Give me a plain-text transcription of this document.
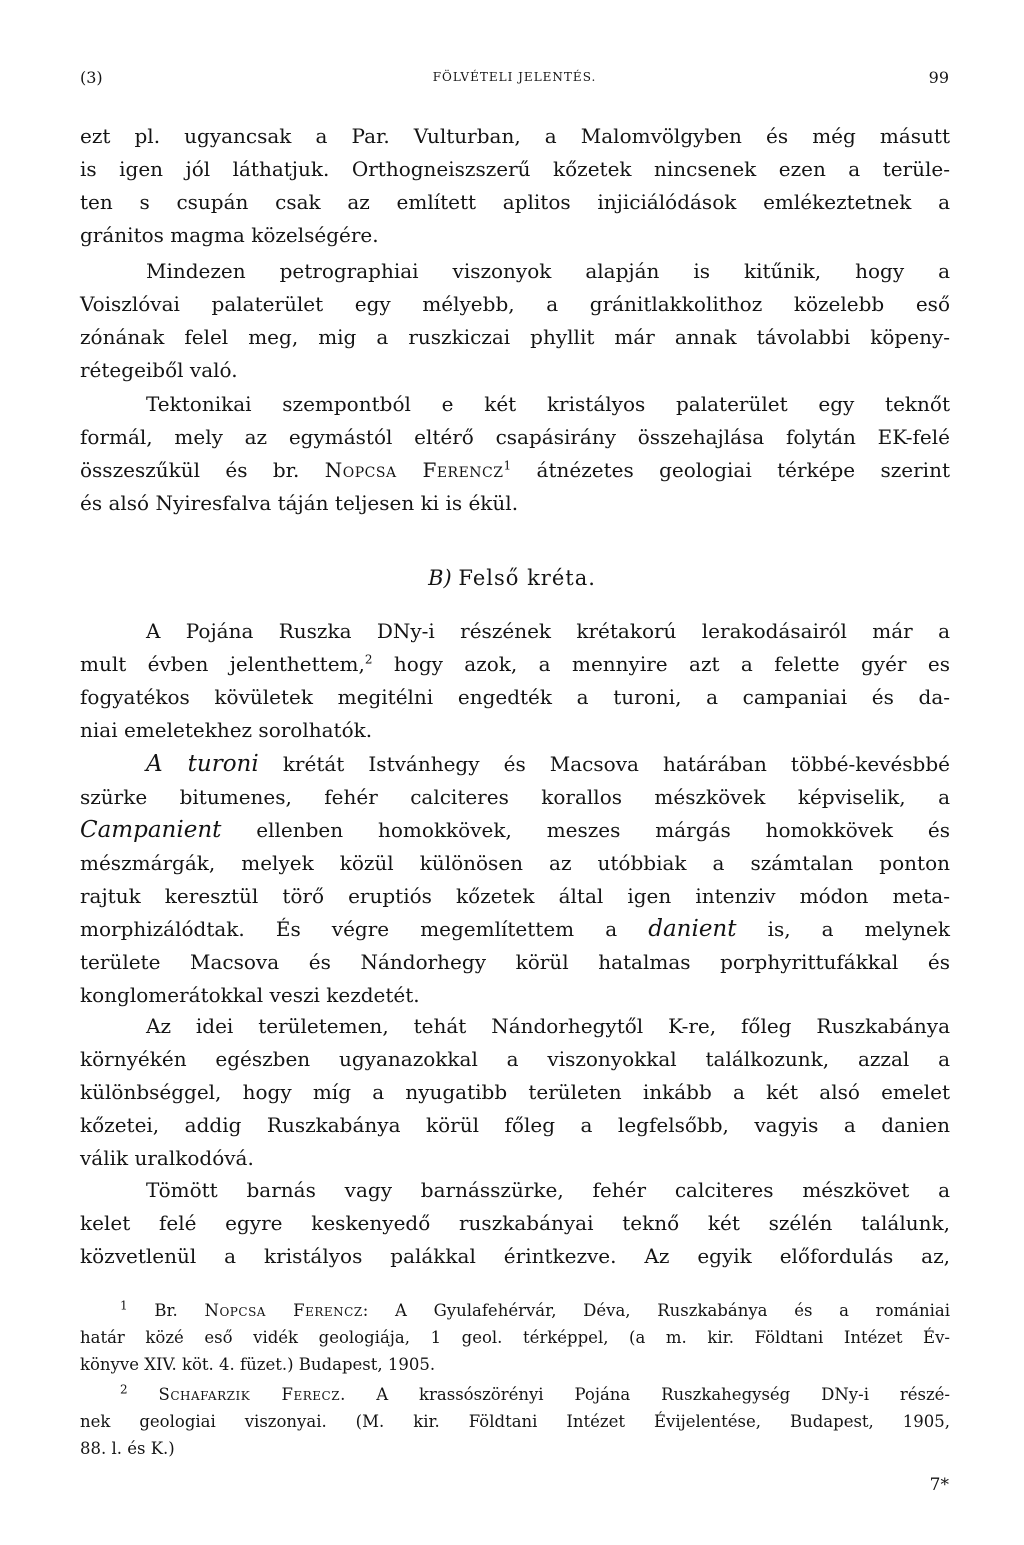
(3)	FÖLVÉTELI JELENTÉS.	99
ezt pl. ugyancsak a Par. Vulturban, a Malomvölgyben és még másutt
is igen jól láthatjuk. Orthogneiszszerű kőzetek nincsenek ezen a terüle-
ten s csupán csak az említett aplitos injiciálódások emlékeztetnek a
gránitos magma közelségére.
Mindezen petrographiai viszonyok alapján is kitűnik, hogy a
Voiszlóvai palaterület egy mélyebb, a gránitlakkolithoz közelebb eső
zónának felel meg, mig a ruszkiczai phyllit már annak távolabbi köpeny-
rétegeiből való.
Tektonikai szempontból e két kristályos palaterület egy teknőt
formál, mely az egymástól eltérő csapásirány összehajlása folytán EK-felé
összeszűkül és br. Nopcsa Ferencz$^1$ átnézetes geologiai térképe szerint
és alsó Nyiresfalva táján teljesen ki is ékül.
B) Felső kréta.
A Pojána Ruszka DNy-i részének krétakorú lerakodásairól már a
mult évben jelenthettem,$^2$ hogy azok, a mennyire azt a felette gyér es
fogyatékos kövületek megitélni engedték a turoni, a campaniai és da-
niai emeletekhez sorolhatók.
A turoni krétát Istvánhegy és Macsova határában többé-kevésbbé
szürke bitumenes, fehér calciteres korallos mészkövek képviselik, a
Campanient ellenben homokkövek, meszes márgás homokkövek és
mészmárgák, melyek közül különösen az utóbbiak a számtalan ponton
rajtuk keresztül törő eruptiós kőzetek által igen intenziv módon meta-
morphizálódtak. És végre megemlítettem a danient is, a melynek
területe Macsova és Nándorhegy körül hatalmas porphyrittufákkal és
konglomerátokkal veszi kezdetét.
Az idei területemen, tehát Nándorhegytől K-re, főleg Ruszkabánya
környékén egészben ugyanazokkal a viszonyokkal találkozunk, azzal a
különbséggel, hogy míg a nyugatibb területen inkább a két alsó emelet
kőzetei, addig Ruszkabánya körül főleg a legfelsőbb, vagyis a danien
válik uralkodóvá.
Tömött barnás vagy barnásszürke, fehér calciteres mészkövet a
kelet felé egyre keskenyedő ruszkabányai teknő két szélén találunk,
közvetlenül a kristályos palákkal érintkezve. Az egyik előfordulás az,
$^1$ Br. Nopcsa Ferencz: A Gyulafehérvár, Déva, Ruszkabánya és a romániai
határ közé eső vidék geologiája, 1 geol. térképpel, (a m. kir. Földtani Intézet Év-
könyve XIV. köt. 4. füzet.) Budapest, 1905.
$^2$ Schafarzik Ferecz. A krassószörényi Pojána Ruszkahegység DNy-i részé-
nek geologiai viszonyai. (M. kir. Földtani Intézet Évijelentése, Budapest, 1905,
88. l. és K.)
7*
